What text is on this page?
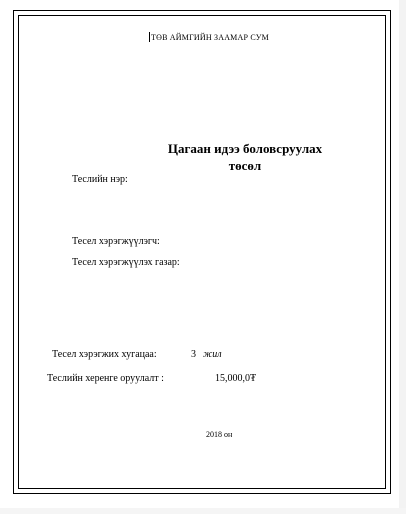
ТӨВ АЙМГИЙН ЗААМАР СУМ
Цагаан идээ боловсруулах
төсөл
Теслийн нэр:
Тесел хэрэгжүүлэгч:
Тесел хэрэгжүүлэх газар:
Тесел хэрэгжих хугацаа:	3 жил
Теслийн херенге оруулалт :	15,000,0₮
2018 он
